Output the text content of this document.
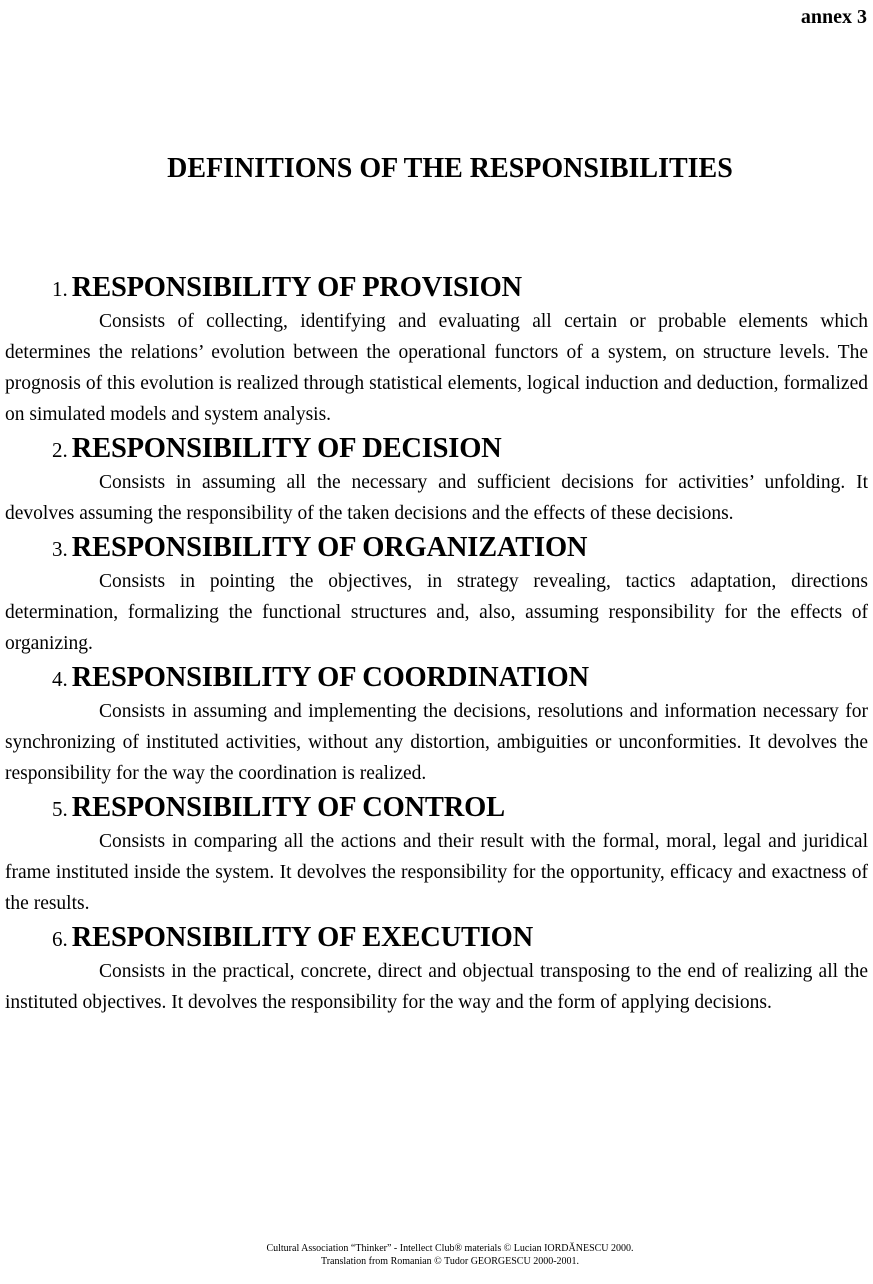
annex 3
DEFINITIONS OF THE RESPONSIBILITIES
1. RESPONSIBILITY OF PROVISION

Consists of collecting, identifying and evaluating all certain or probable elements which determines the relations’ evolution between the operational functors of a system, on structure levels. The prognosis of this evolution is realized through statistical elements, logical induction and deduction, formalized on simulated models and system analysis.

2. RESPONSIBILITY OF DECISION

Consists in assuming all the necessary and sufficient decisions for activities’ unfolding. It devolves assuming the responsibility of the taken decisions and the effects of these decisions.

3. RESPONSIBILITY OF ORGANIZATION

Consists in pointing the objectives, in strategy revealing, tactics adaptation, directions determination, formalizing the functional structures and, also, assuming responsibility for the effects of organizing.

4. RESPONSIBILITY OF COORDINATION

Consists in assuming and implementing the decisions, resolutions and information necessary for synchronizing of instituted activities, without any distortion, ambiguities or unconformities. It devolves the responsibility for the way the coordination is realized.

5. RESPONSIBILITY OF CONTROL

Consists in comparing all the actions and their result with the formal, moral, legal and juridical frame instituted inside the system. It devolves the responsibility for the opportunity, efficacy and exactness of the results.

6. RESPONSIBILITY OF EXECUTION

Consists in the practical, concrete, direct and objectual transposing to the end of realizing all the instituted objectives. It devolves the responsibility for the way and the form of applying decisions.

Cultural Association “Thinker” - Intellect Club® materials © Lucian IORDĂNESCU 2000.
Translation from Romanian © Tudor GEORGESCU 2000-2001.
